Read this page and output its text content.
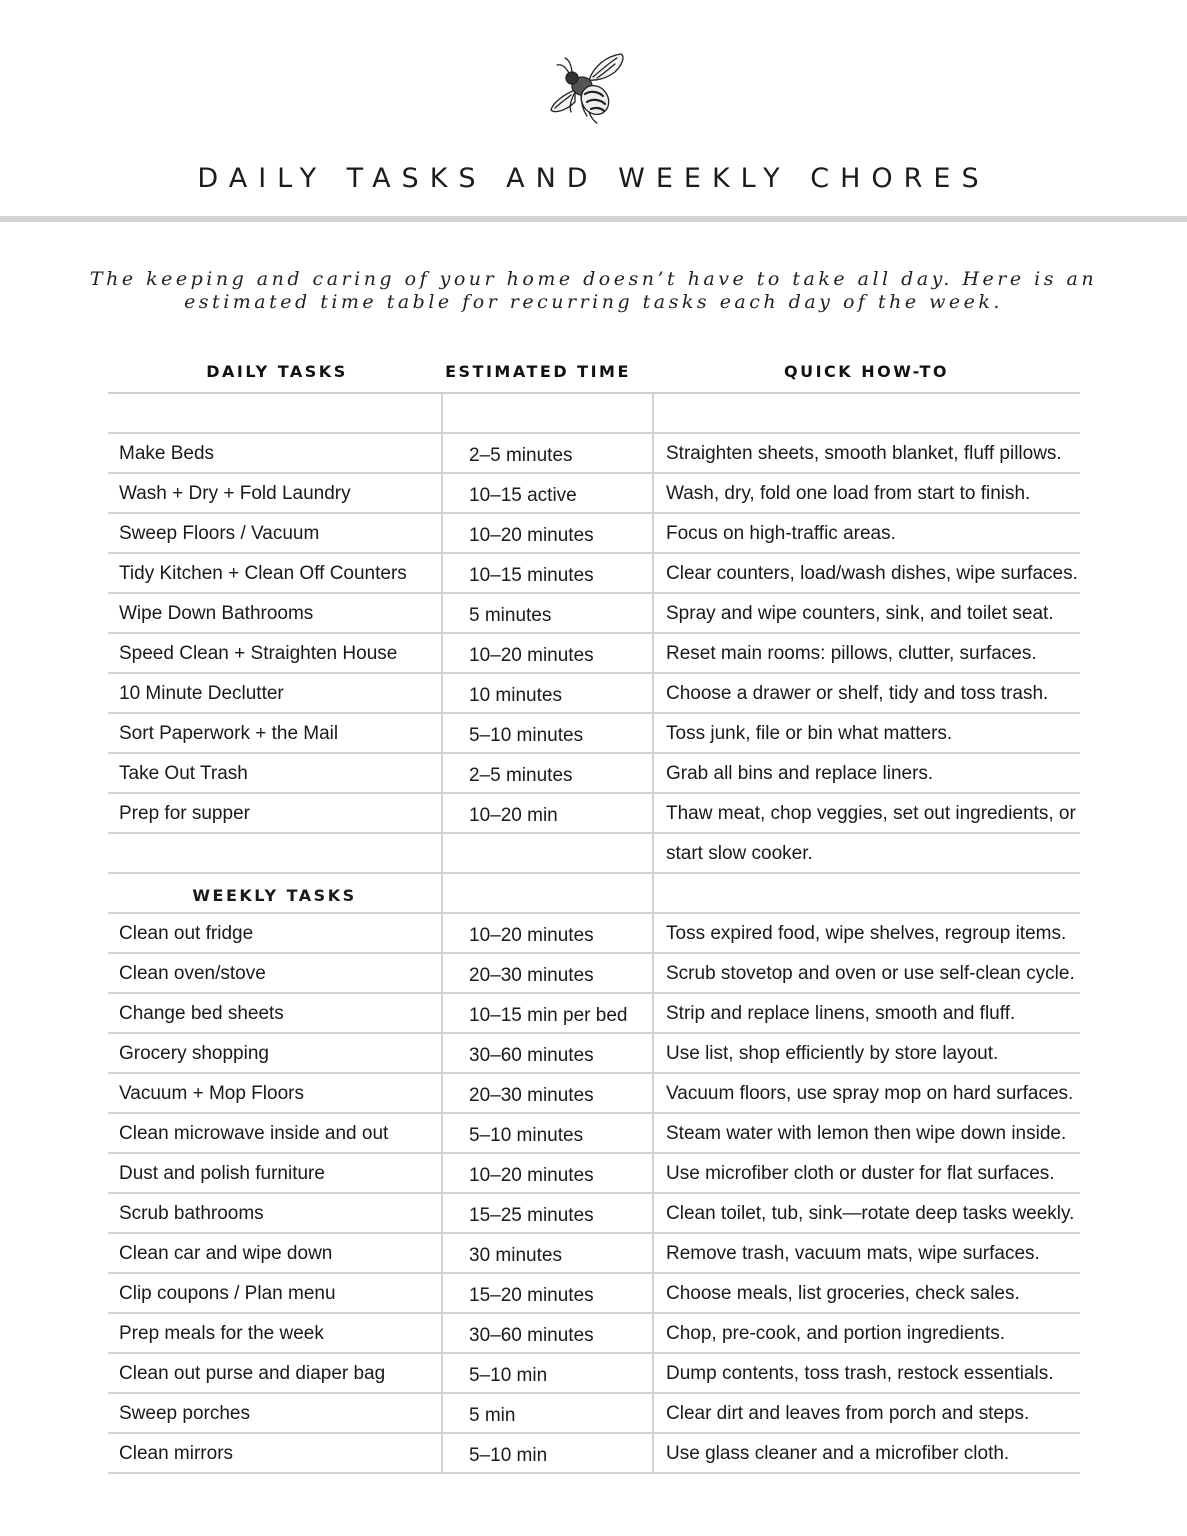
DAILY TASKS AND WEEKLY CHORES
The keeping and caring of your home doesn’t have to take all day. Here is an
estimated time table for recurring tasks each day of the week.
DAILY TASKS	ESTIMATED TIME	QUICK HOW-TO
Make Beds	2–5 minutes	Straighten sheets, smooth blanket, fluff pillows.
Wash + Dry + Fold Laundry	10–15 active	Wash, dry, fold one load from start to finish.
Sweep Floors / Vacuum	10–20 minutes	Focus on high-traffic areas.
Tidy Kitchen + Clean Off Counters	10–15 minutes	Clear counters, load/wash dishes, wipe surfaces.
Wipe Down Bathrooms	5 minutes	Spray and wipe counters, sink, and toilet seat.
Speed Clean + Straighten House	10–20 minutes	Reset main rooms: pillows, clutter, surfaces.
10 Minute Declutter	10 minutes	Choose a drawer or shelf, tidy and toss trash.
Sort Paperwork + the Mail	5–10 minutes	Toss junk, file or bin what matters.
Take Out Trash	2–5 minutes	Grab all bins and replace liners.
Prep for supper	10–20 min	Thaw meat, chop veggies, set out ingredients, or
start slow cooker.
WEEKLY TASKS
Clean out fridge	10–20 minutes	Toss expired food, wipe shelves, regroup items.
Clean oven/stove	20–30 minutes	Scrub stovetop and oven or use self-clean cycle.
Change bed sheets	10–15 min per bed	Strip and replace linens, smooth and fluff.
Grocery shopping	30–60 minutes	Use list, shop efficiently by store layout.
Vacuum + Mop Floors	20–30 minutes	Vacuum floors, use spray mop on hard surfaces.
Clean microwave inside and out	5–10 minutes	Steam water with lemon then wipe down inside.
Dust and polish furniture	10–20 minutes	Use microfiber cloth or duster for flat surfaces.
Scrub bathrooms	15–25 minutes	Clean toilet, tub, sink—rotate deep tasks weekly.
Clean car and wipe down	30 minutes	Remove trash, vacuum mats, wipe surfaces.
Clip coupons / Plan menu	15–20 minutes	Choose meals, list groceries, check sales.
Prep meals for the week	30–60 minutes	Chop, pre-cook, and portion ingredients.
Clean out purse and diaper bag	5–10 min	Dump contents, toss trash, restock essentials.
Sweep porches	5 min	Clear dirt and leaves from porch and steps.
Clean mirrors	5–10 min	Use glass cleaner and a microfiber cloth.
